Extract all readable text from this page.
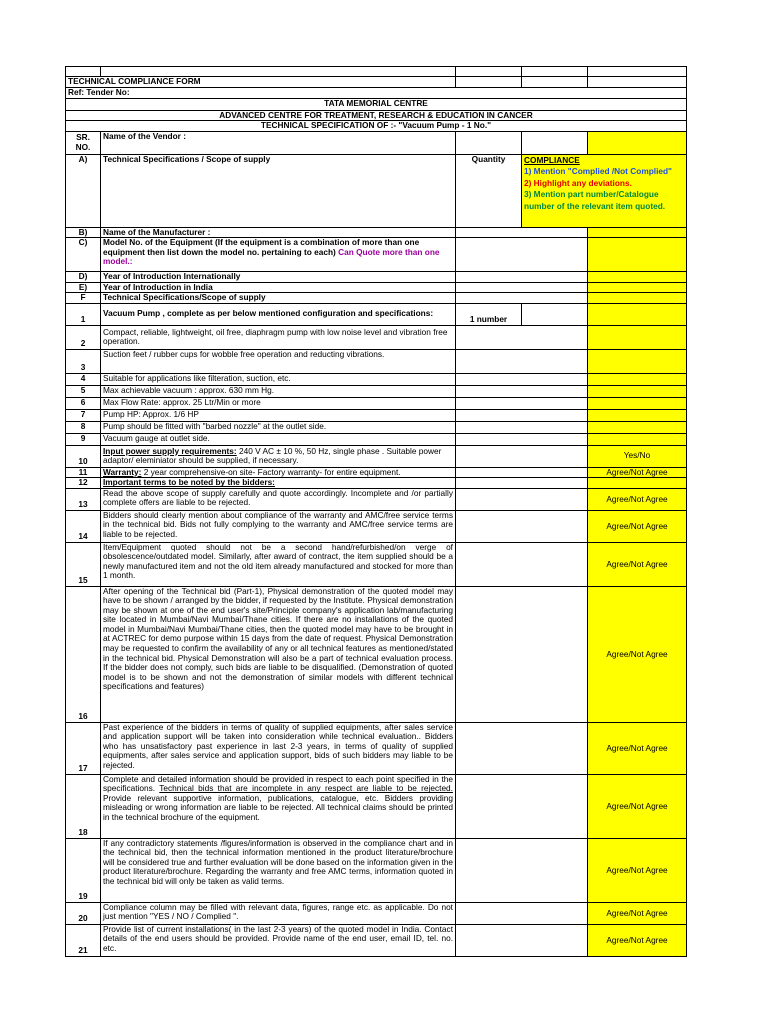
TECHNICAL COMPLIANCE FORM				
Ref: Tender No:				
TATA MEMORIAL CENTRE				
ADVANCED CENTRE FOR TREATMENT, RESEARCH & EDUCATION IN CANCER				
TECHNICAL SPECIFICATION OF :- "Vacuum Pump - 1 No."				
SR. NO.	Name of the Vendor :			
A)	Technical Specifications / Scope of supply	Quantity	COMPLIANCE
1) Mention "Complied /Not Complied"
2) Highlight any deviations.
3) Mention part number/Catalogue number of the relevant item quoted.	

B)	Name of the Manufacturer :			
C)	Model No. of the Equipment (If the equipment is a combination of more than one equipment then list down the model no. pertaining to each) Can Quote more than one model.:			
D)	Year of Introduction Internationally			
E)	Year of Introduction in India			
F	Technical Specifications/Scope of supply			
1	Vacuum Pump , complete as per below mentioned configuration and specifications:	1 number		
2	Compact, reliable, lightweight, oil free, diaphragm pump with low noise level and vibration free operation.			
3	Suction feet / rubber cups for wobble free operation and reducting vibrations.			
4	Suitable for applications like filteration, suction, etc.			
5	Max achievable vacuum : approx. 630 mm Hg.			
6	Max Flow Rate: approx. 25 Ltr/Min or more			
7	Pump HP: Approx. 1/6 HP			
8	Pump should be fitted with "barbed nozzle" at the outlet side.			
9	Vacuum gauge at outlet side.			
10	Input power supply requirements: 240 V AC ± 10 %, 50 Hz, single phase . Suitable power adaptor/ eleminiator should be supplied, if necessary.			Yes/No
11	Warranty: 2 year comprehensive-on site- Factory warranty- for entire equipment.			Agree/Not Agree
12	Important terms to be noted by the bidders:			
13	Read the above scope of supply carefully and quote accordingly. Incomplete and /or partially complete offers are liable to be rejected.			Agree/Not Agree
14	Bidders should clearly mention about compliance of the warranty and AMC/free service terms in the technical bid. Bids not fully complying to the warranty and AMC/free service terms are liable to be rejected.			Agree/Not Agree
15	Item/Equipment quoted should not be a second hand/refurbished/on verge of obsolescence/outdated model. Similarly, after award of contract, the item supplied should be a newly manufactured item and not the old item already manufactured and stocked for more than 1 month.			Agree/Not Agree
16	After opening of the Technical bid (Part-1), Physical demonstration of the quoted model may have to be shown / arranged by the bidder, if requested by the Institute. Physical demonstration may be shown at one of the end user's site/Principle company's application lab/manufacturing site located in Mumbai/Navi Mumbai/Thane cities. If there are no installations of the quoted model in Mumbai/Navi Mumbai/Thane cities, then the quoted model may have to be brought in at ACTREC for demo purpose within 15 days from the date of request. Physical Demonstration may be requested to confirm the availability of any or all technical features as mentioned/stated in the technical bid. Physical Demonstration will also be a part of technical evaluation process. If the bidder does not comply, such bids are liable to be disqualified. (Demonstration of quoted model is to be shown and not the demonstration of similar models with different technical specifications and features)			Agree/Not Agree
17	Past experience of the bidders in terms of quality of supplied equipments, after sales service and application support will be taken into consideration while technical evaluation.. Bidders who has unsatisfactory past experience in last 2-3 years, in terms of quality of supplied equipments, after sales service and application support, bids of such bidders may liable to be rejected.			Agree/Not Agree
18	Complete and detailed information should be provided in respect to each point specified in the specifications. Technical bids that are incomplete in any respect are liable to be rejected. Provide relevant supportive information, publications, catalogue, etc. Bidders providing misleading or wrong information are liable to be rejected. All technical claims should be printed in the technical brochure of the equipment.			Agree/Not Agree
19	If any contradictory statements /figures/information is observed in the compliance chart and in the technical bid, then the technical information mentioned in the product literature/brochure will be considered true and further evaluation will be done based on the information given in the product literature/brochure. Regarding the warranty and free AMC terms, information quoted in the technical bid will only be taken as valid terms.			Agree/Not Agree
20	Compliance column may be filled with relevant data, figures, range etc. as applicable. Do not just mention "YES / NO / Complied ".			Agree/Not Agree
21	Provide list of current installations( in the last 2-3 years) of the quoted model in India. Contact details of the end users should be provided. Provide name of the end user, email ID, tel. no. etc.			Agree/Not Agree
